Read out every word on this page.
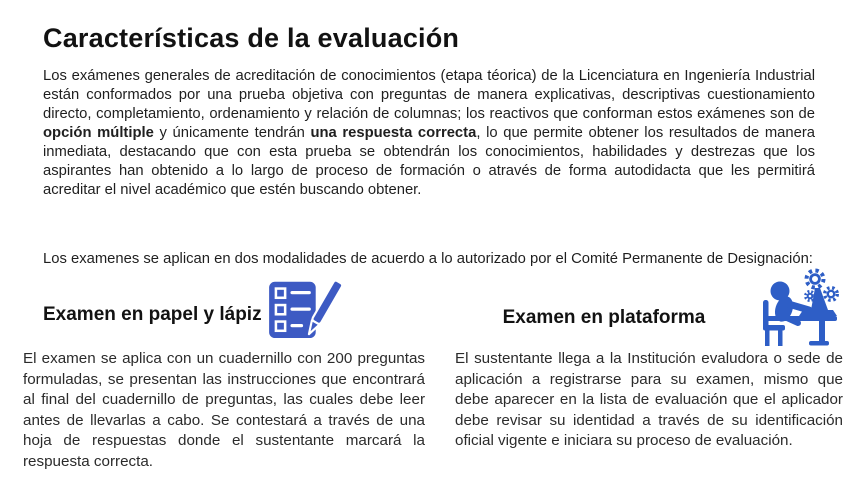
Características de la evaluación

Los exámenes generales de acreditación de conocimientos (etapa téorica) de la Licenciatura en Ingeniería Industrial están conformados por una prueba objetiva con preguntas de manera explicativas, descriptivas cuestionamiento directo, completamiento, ordenamiento y relación de columnas; los reactivos que conforman estos exámenes son de opción múltiple y únicamente tendrán una respuesta correcta, lo que permite obtener los resultados de manera inmediata, destacando que con esta prueba se obtendrán los conocimientos, habilidades y destrezas que los aspirantes han obtenido a lo largo de proceso de formación o através de forma autodidacta que les permitirá acreditar el nivel académico que estén buscando obtener.

Los examenes se aplican en dos modalidades de acuerdo a lo autorizado por el Comité Permanente de Designación:

Examen en papel y lápiz	Examen en plataforma

El examen se aplica con un cuadernillo con 200 preguntas formuladas, se presentan las instrucciones que encontrará al final del cuadernillo de preguntas, las cuales debe leer antes de llevarlas a cabo. Se contestará a través de una hoja de respuestas donde el sustentante marcará la respuesta correcta.

El sustentante llega a la Institución evaludora o sede de aplicación a registrarse para su examen, mismo que debe aparecer en la lista de evaluación que el aplicador debe revisar su identidad a través de su identificación oficial vigente e iniciara su proceso de evaluación.
